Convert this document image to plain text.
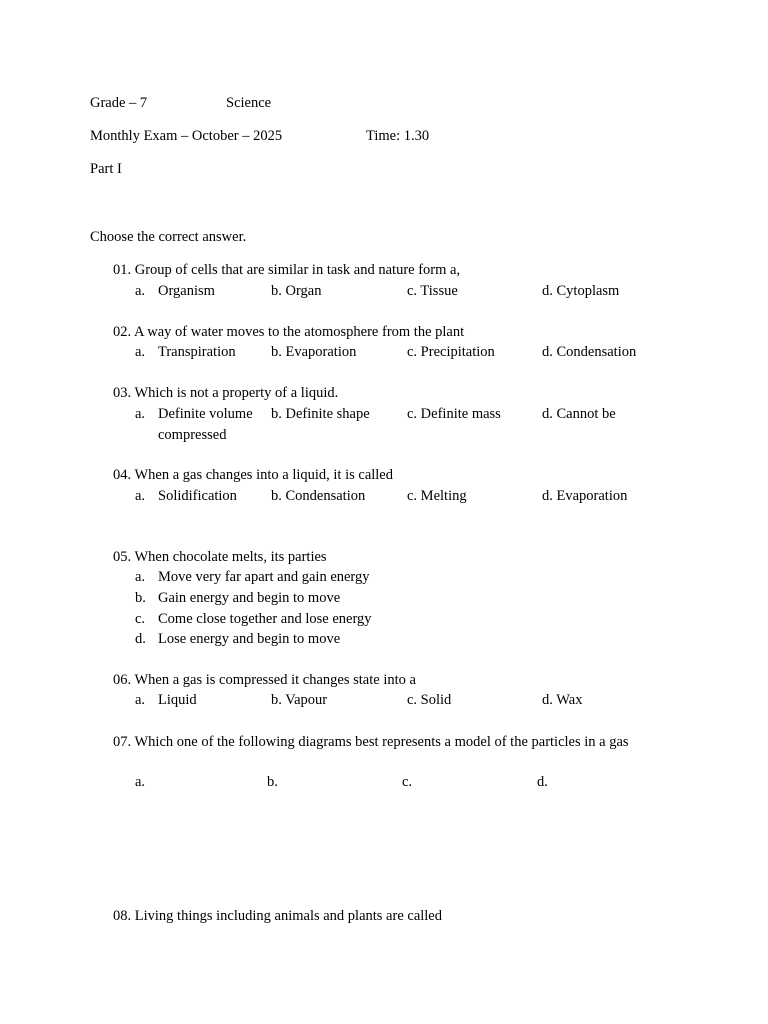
Grade – 7	Science
Monthly Exam – October – 2025	Time: 1.30
Part I
Choose the correct answer.
01. Group of cells that are similar in task and nature form a,
a. Organism	b. Organ	c. Tissue	d. Cytoplasm
02. A way of water moves to the atomosphere from the plant
a. Transpiration b. Evaporation	c. Precipitation	d. Condensation
03. Which is not a property of a liquid.
a. Definite volume b. Definite shape	c. Definite mass	d. Cannot be
compressed
04. When a gas changes into a liquid, it is called
a. Solidification b. Condensation	c. Melting	d. Evaporation
05. When chocolate melts, its parties
a. Move very far apart and gain energy
b. Gain energy and begin to move
c. Come close together and lose energy
d. Lose energy and begin to move
06. When a gas is compressed it changes state into a
a. Liquid	b. Vapour	c. Solid	d. Wax
07. Which one of the following diagrams best represents a model of the particles in a gas
a.	b.	c.	d.
08. Living things including animals and plants are called
